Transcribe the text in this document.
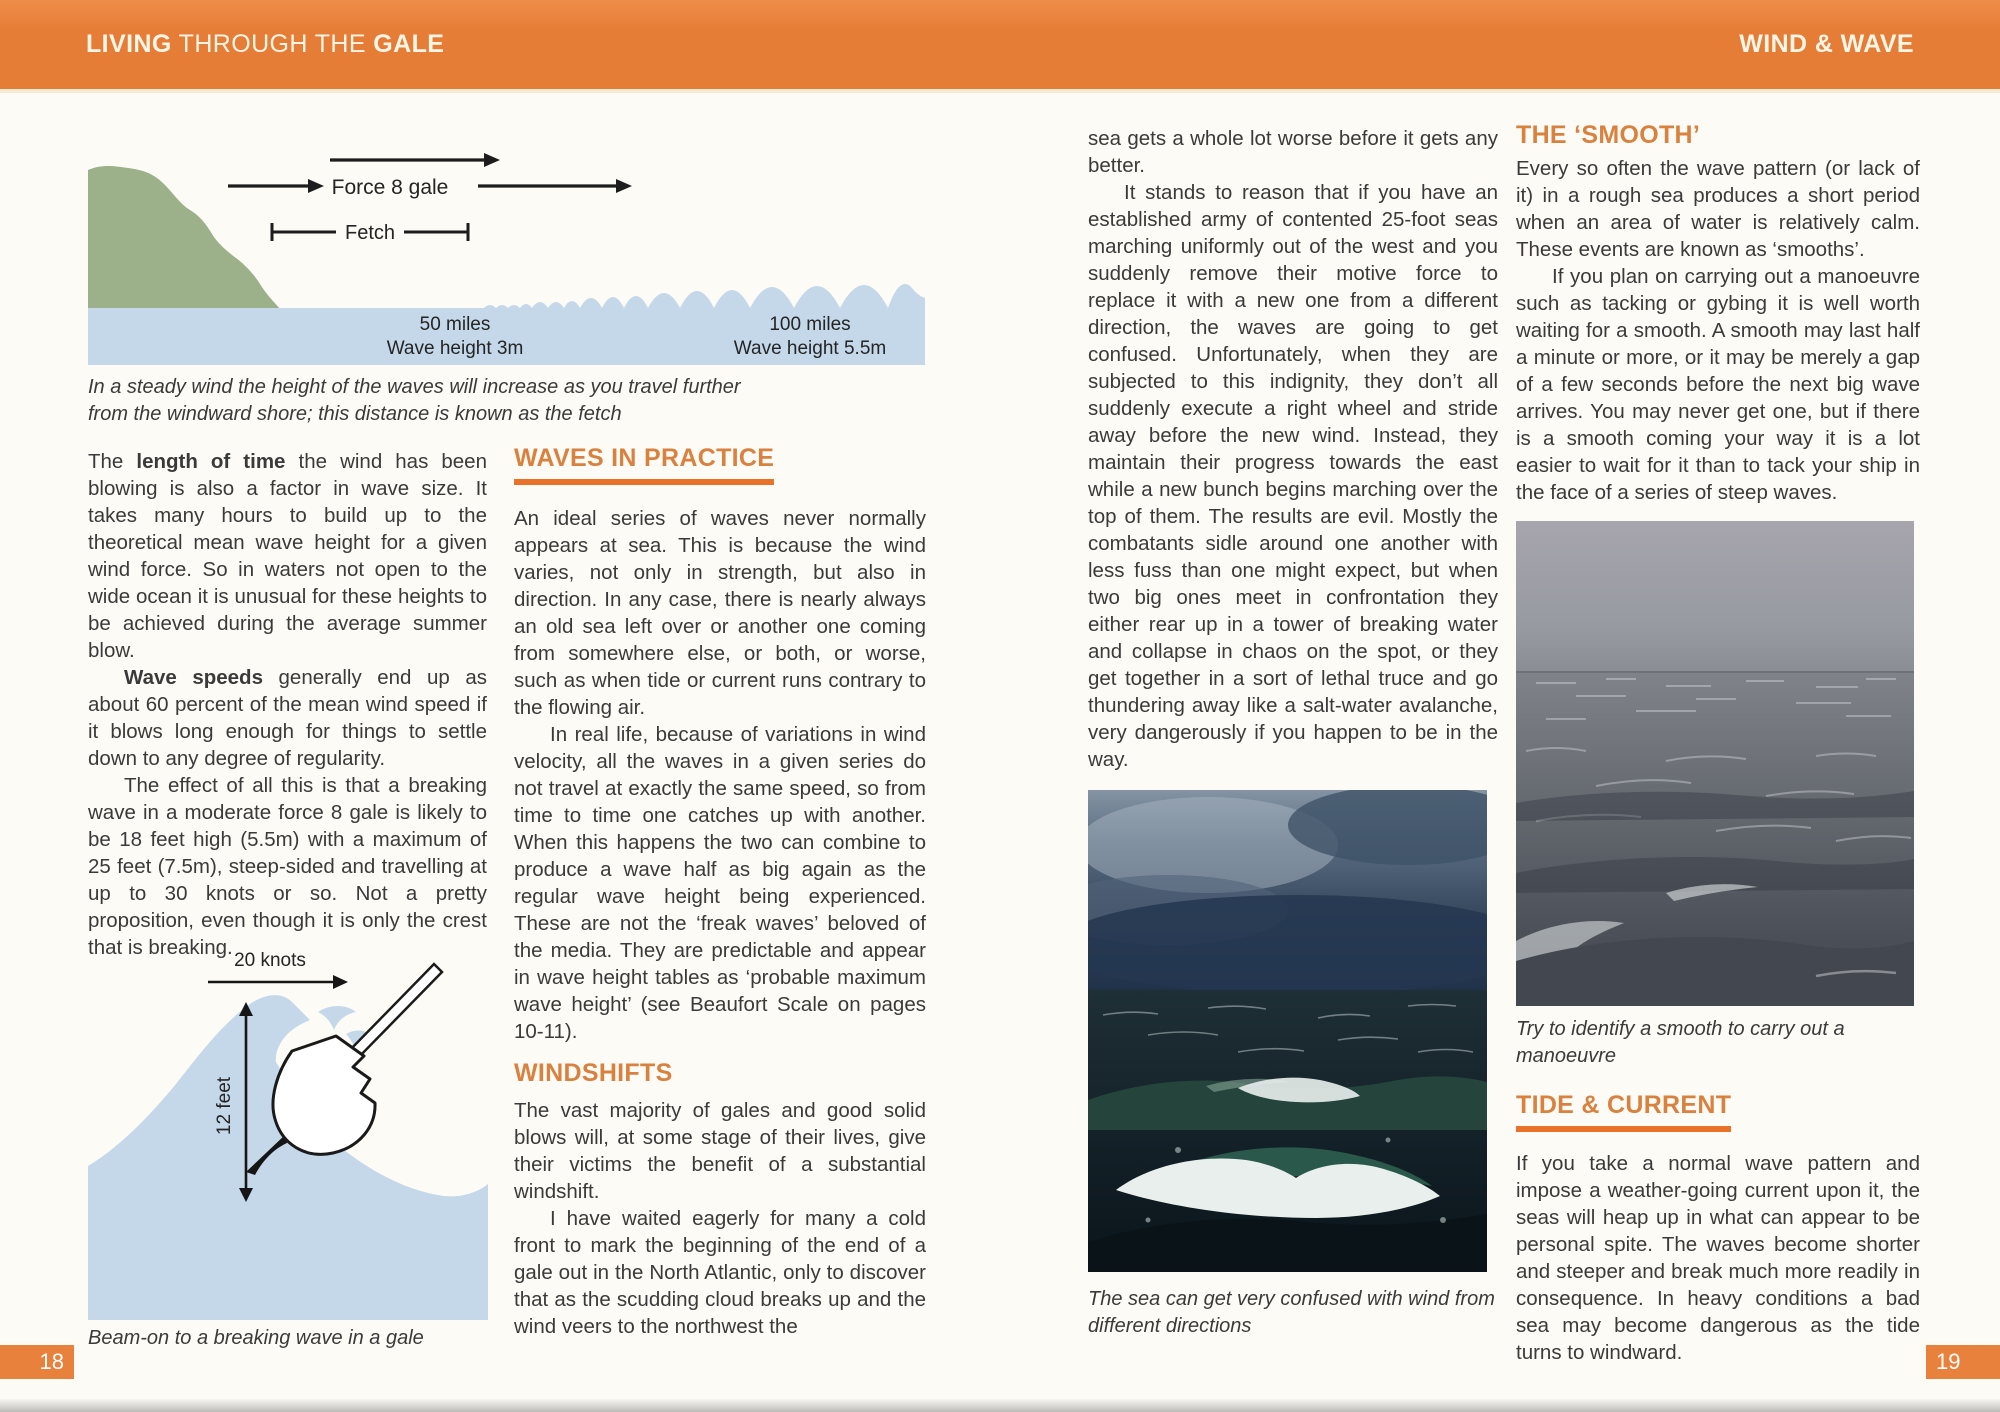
LIVING THROUGH THE GALE	WIND & WAVE
Force 8 gale
Fetch
50 miles
Wave height 3m
100 miles
Wave height 5.5m

In a steady wind the height of the waves will increase as you travel further from the windward shore; this distance is known as the fetch

The length of time the wind has been blowing is also a factor in wave size. It takes many hours to build up to the theoretical mean wave height for a given wind force. So in waters not open to the wide ocean it is unusual for these heights to be achieved during the average summer blow.

Wave speeds generally end up as about 60 percent of the mean wind speed if it blows long enough for things to settle down to any degree of regularity.

The effect of all this is that a breaking wave in a moderate force 8 gale is likely to be 18 feet high (5.5m) with a maximum of 25 feet (7.5m), steep-sided and travelling at up to 30 knots or so. Not a pretty proposition, even though it is only the crest that is breaking.

12 feet
20 knots

Beam-on to a breaking wave in a gale

WAVES IN PRACTICE

An ideal series of waves never normally appears at sea. This is because the wind varies, not only in strength, but also in direction. In any case, there is nearly always an old sea left over or another one coming from somewhere else, or both, or worse, such as when tide or current runs contrary to the flowing air.

In real life, because of variations in wind velocity, all the waves in a given series do not travel at exactly the same speed, so from time to time one catches up with another. When this happens the two can combine to produce a wave half as big again as the regular wave height being experienced. These are not the ‘freak waves’ beloved of the media. They are predictable and appear in wave height tables as ‘probable maximum wave height’ (see Beaufort Scale on pages 10-11).

WINDSHIFTS

The vast majority of gales and good solid blows will, at some stage of their lives, give their victims the benefit of a substantial windshift.

I have waited eagerly for many a cold front to mark the beginning of the end of a gale out in the North Atlantic, only to discover that as the scudding cloud breaks up and the wind veers to the northwest the

sea gets a whole lot worse before it gets any better.

It stands to reason that if you have an established army of contented 25-foot seas marching uniformly out of the west and you suddenly remove their motive force to replace it with a new one from a different direction, the waves are going to get confused. Unfortunately, when they are subjected to this indignity, they don’t all suddenly execute a right wheel and stride away before the new wind. Instead, they maintain their progress towards the east while a new bunch begins marching over the top of them. The results are evil. Mostly the combatants sidle around one another with less fuss than one might expect, but when two big ones meet in confrontation they either rear up in a tower of breaking water and collapse in chaos on the spot, or they get together in a sort of lethal truce and go thundering away like a salt-water avalanche, very dangerously if you happen to be in the way.

The sea can get very confused with wind from different directions

THE ‘SMOOTH’

Every so often the wave pattern (or lack of it) in a rough sea produces a short period when an area of water is relatively calm. These events are known as ‘smooths’.

If you plan on carrying out a manoeuvre such as tacking or gybing it is well worth waiting for a smooth. A smooth may last half a minute or more, or it may be merely a gap of a few seconds before the next big wave arrives. You may never get one, but if there is a smooth coming your way it is a lot easier to wait for it than to tack your ship in the face of a series of steep waves.

Try to identify a smooth to carry out a manoeuvre

TIDE & CURRENT

If you take a normal wave pattern and impose a weather-going current upon it, the seas will heap up in what can appear to be personal spite. The waves become shorter and steeper and break much more readily in consequence. In heavy conditions a bad sea may become dangerous as the tide turns to windward.

18	19
